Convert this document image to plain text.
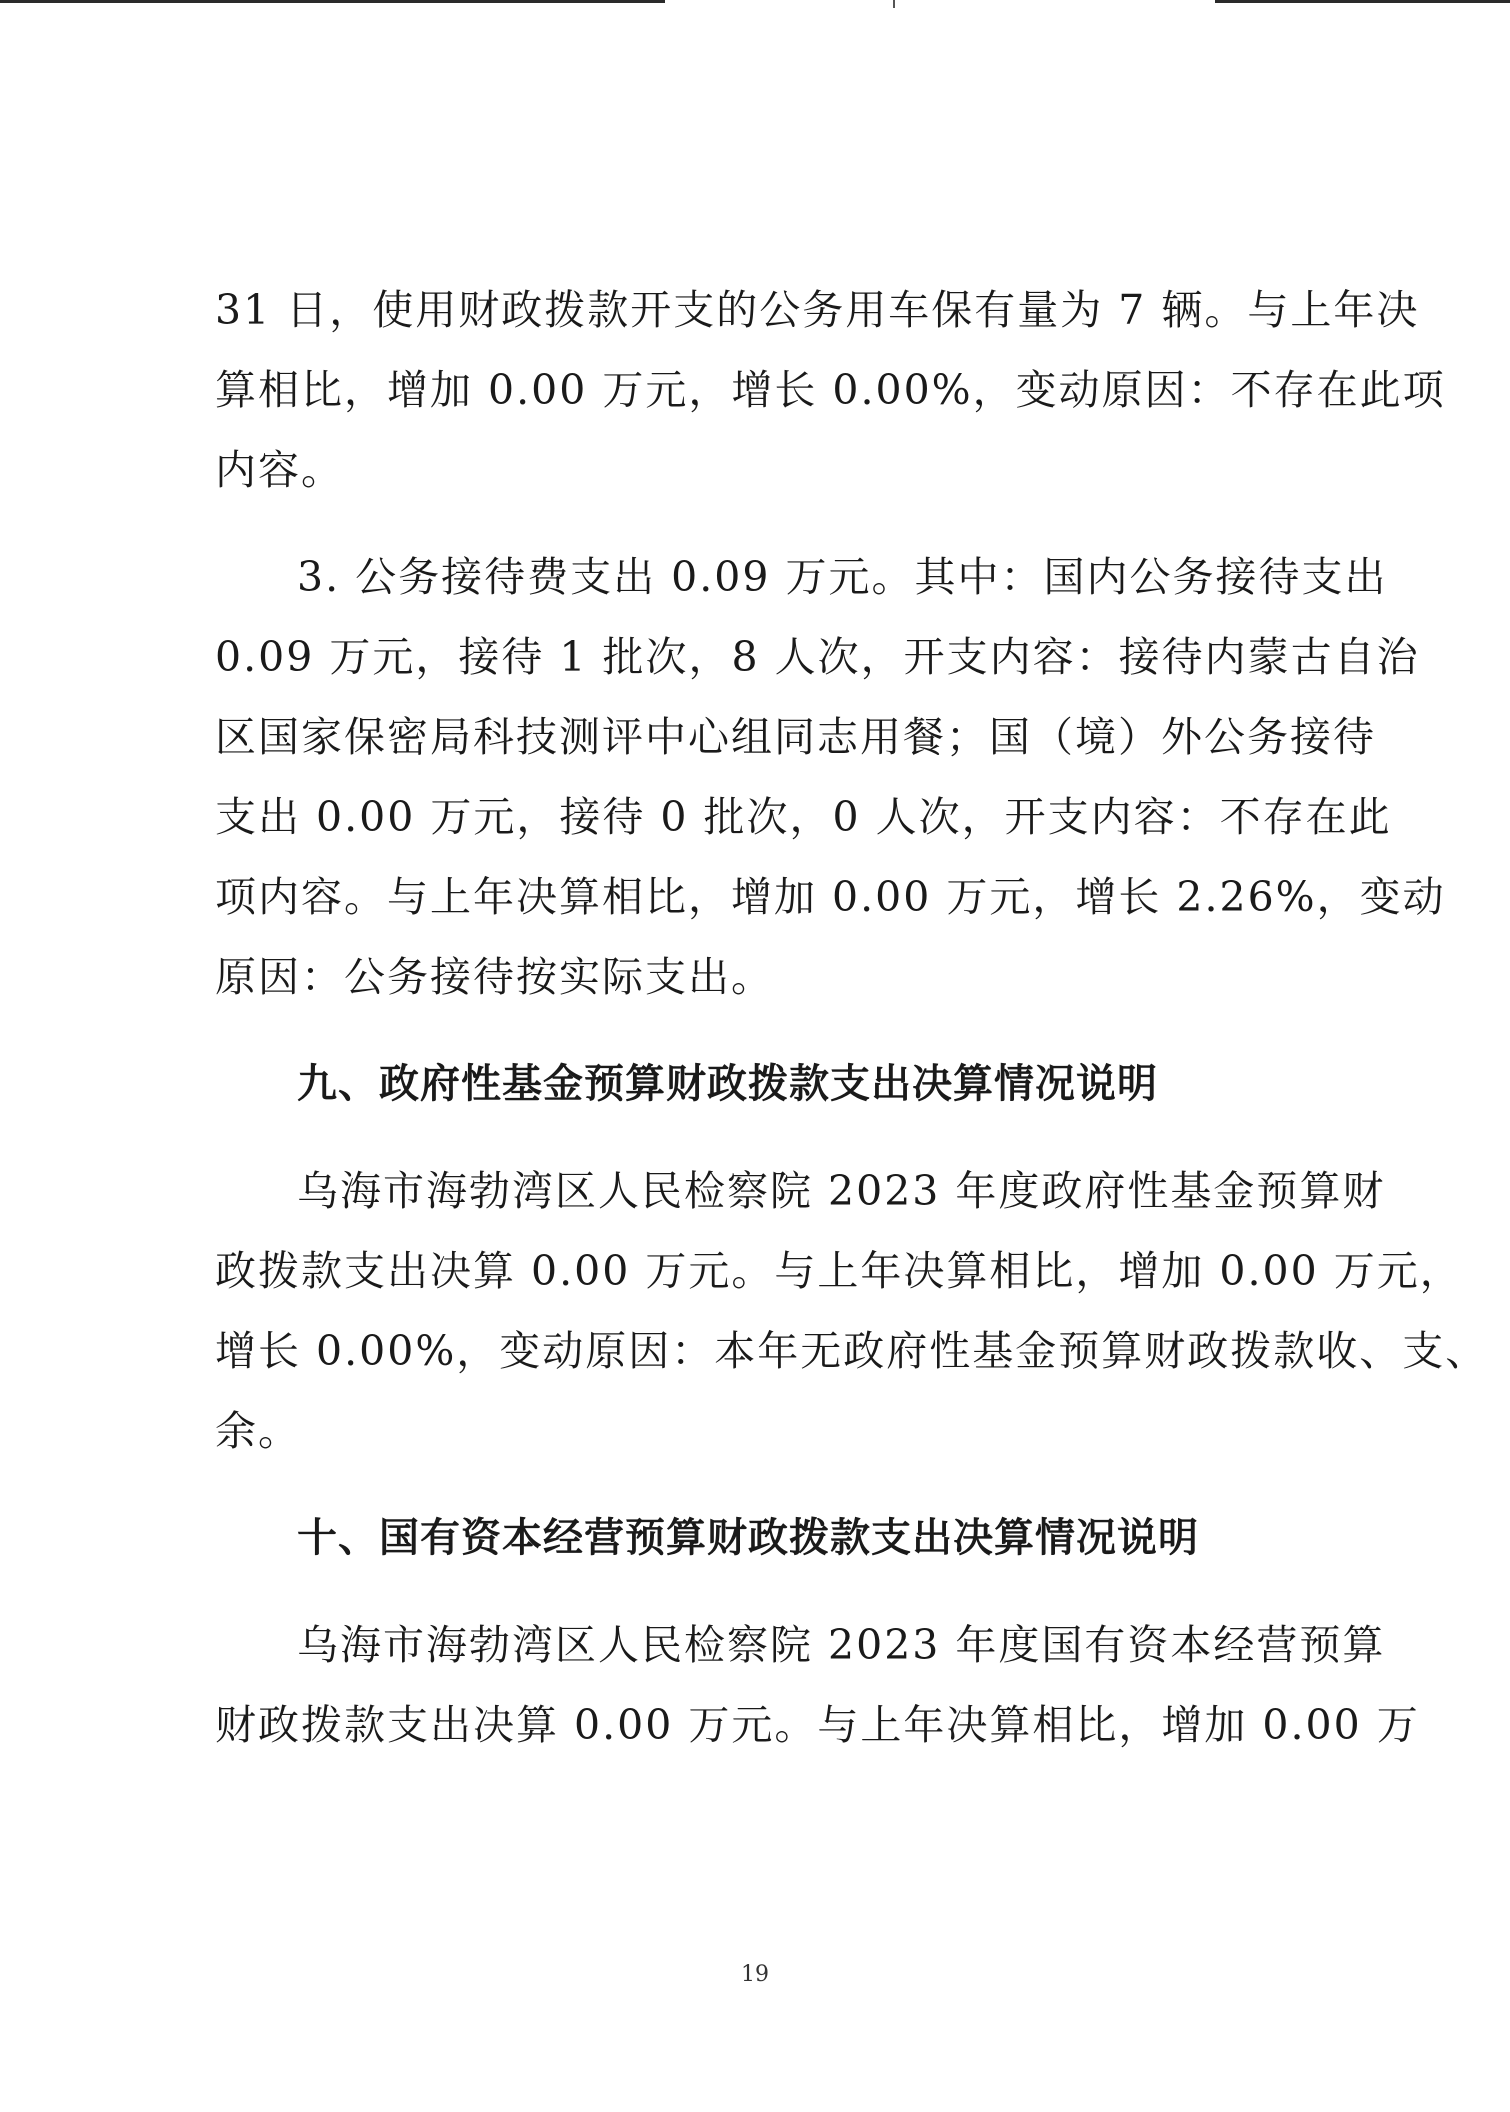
31 日，使用财政拨款开支的公务用车保有量为 7 辆。与上年决
算相比，增加 0.00 万元，增长 0.00%，变动原因：不存在此项
内容。
3. 公务接待费支出 0.09 万元。其中：国内公务接待支出
0.09 万元，接待 1 批次，8 人次，开支内容：接待内蒙古自治
区国家保密局科技测评中心组同志用餐；国（境）外公务接待
支出 0.00 万元，接待 0 批次，0 人次，开支内容：不存在此
项内容。与上年决算相比，增加 0.00 万元，增长 2.26%，变动
原因：公务接待按实际支出。
九、政府性基金预算财政拨款支出决算情况说明
乌海市海勃湾区人民检察院 2023 年度政府性基金预算财
政拨款支出决算 0.00 万元。与上年决算相比，增加 0.00 万元，
增长 0.00%，变动原因：本年无政府性基金预算财政拨款收、支、
余。
十、国有资本经营预算财政拨款支出决算情况说明
乌海市海勃湾区人民检察院 2023 年度国有资本经营预算
财政拨款支出决算 0.00 万元。与上年决算相比，增加 0.00 万
19
